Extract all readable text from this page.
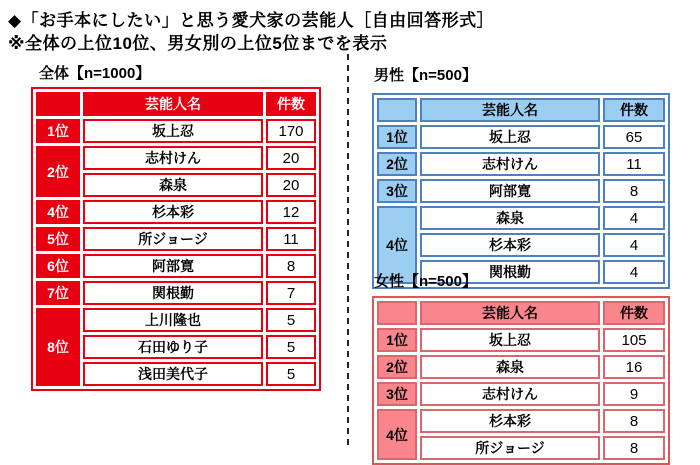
◆「お手本にしたい」と思う愛犬家の芸能人［自由回答形式］
※全体の上位10位、男女別の上位5位までを表示
全体【n=1000】
	芸能人名	件数
1位	坂上忍	170
2位	志村けん	20
	森泉	20
4位	杉本彩	12
5位	所ジョージ	11
6位	阿部寛	8
7位	関根勤	7
8位	上川隆也	5
	石田ゆり子	5
	浅田美代子	5
男性【n=500】
	芸能人名	件数
1位	坂上忍	65
2位	志村けん	11
3位	阿部寛	8
4位	森泉	4
	杉本彩	4
	関根勤	4
女性【n=500】
	芸能人名	件数
1位	坂上忍	105
2位	森泉	16
3位	志村けん	9
4位	杉本彩	8
	所ジョージ	8
